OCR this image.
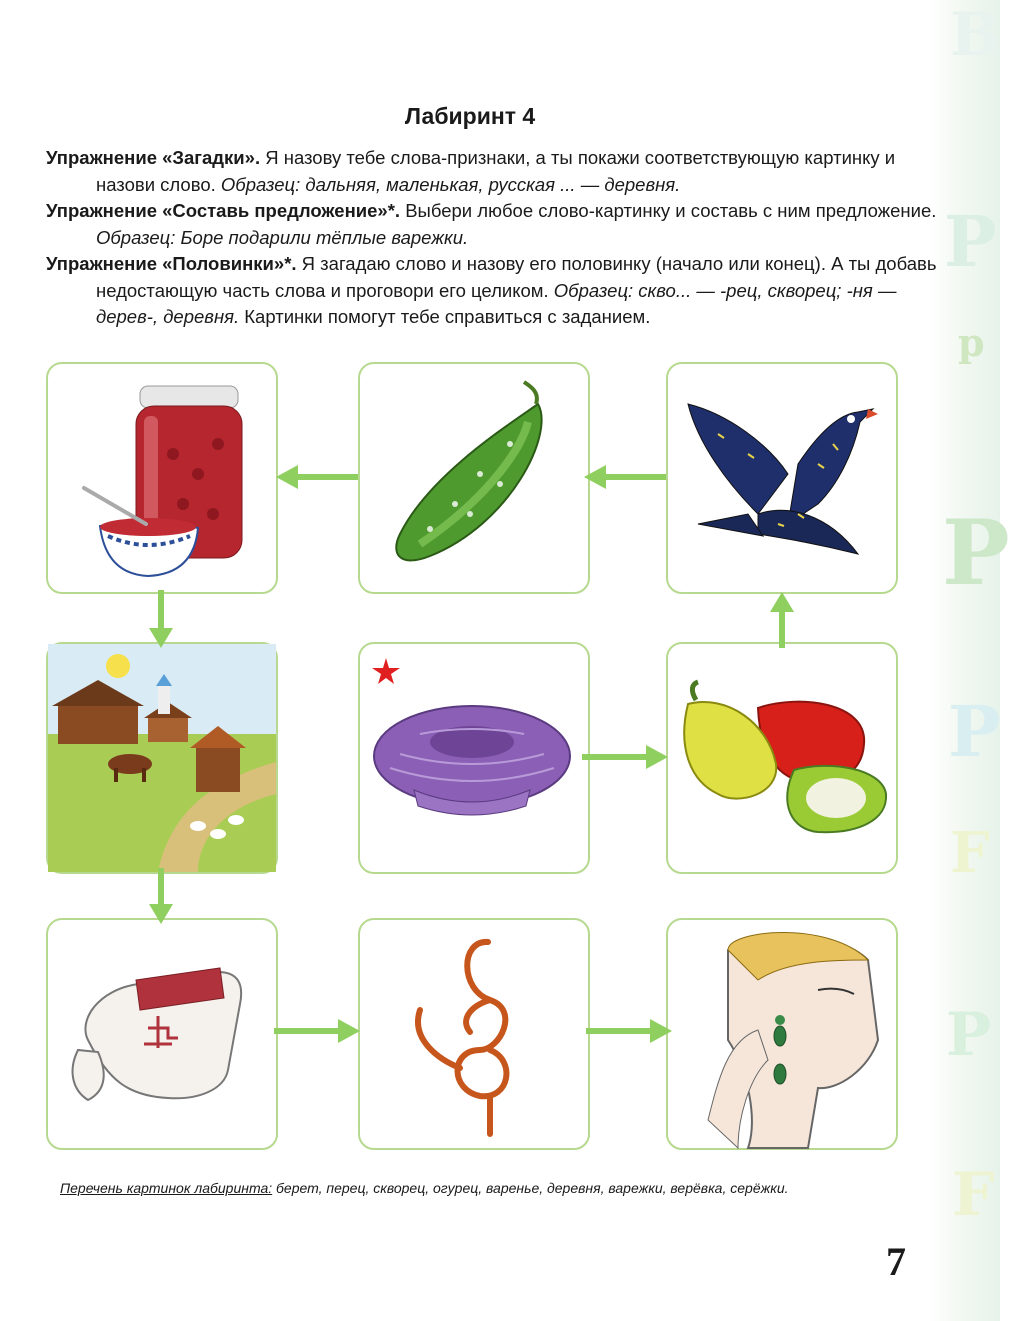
B
P
p
P
P
F
P
F
Лабиринт 4

Упражнение «Загадки». Я назову тебе слова-признаки, а ты покажи соответствующую картинку и назови слово. Образец: дальняя, маленькая, русская ... — деревня.

Упражнение «Составь предложение»*. Выбери любое слово-картинку и составь с ним предложение. Образец: Боре подарили тёплые варежки.

Упражнение «Половинки»*. Я загадаю слово и назову его половинку (начало или конец). А ты добавь недостающую часть слова и проговори его целиком. Образец: скво... — -рец, скворец; -ня — дерев-, деревня. Картинки помогут тебе справиться с заданием.

Перечень картинок лабиринта: берет, перец, скворец, огурец, варенье, деревня, варежки, верёвка, серёжки.
7
